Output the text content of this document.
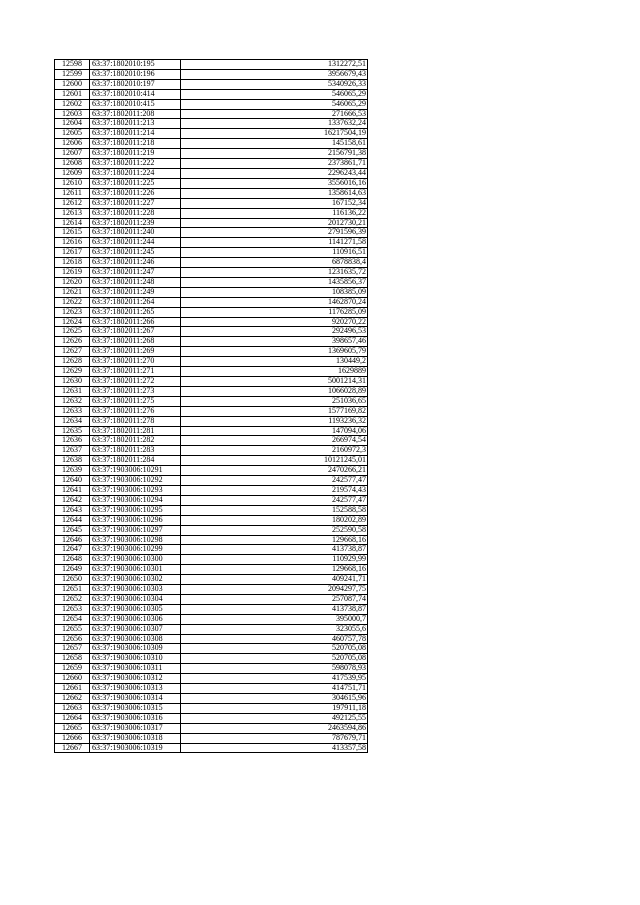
12598	63:37:1802010:195	1312272,51
12599	63:37:1802010:196	3956679,43
12600	63:37:1802010:197	5340926,33
12601	63:37:1802010:414	546065,29
12602	63:37:1802010:415	546065,29
12603	63:37:1802011:208	271666,53
12604	63:37:1802011:213	1337632,24
12605	63:37:1802011:214	16217504,19
12606	63:37:1802011:218	145158,61
12607	63:37:1802011:219	2156791,38
12608	63:37:1802011:222	2373861,71
12609	63:37:1802011:224	2296243,44
12610	63:37:1802011:225	3556016,16
12611	63:37:1802011:226	1358614,63
12612	63:37:1802011:227	167152,34
12613	63:37:1802011:228	116136,22
12614	63:37:1802011:239	2012730,21
12615	63:37:1802011:240	2791596,39
12616	63:37:1802011:244	1141271,58
12617	63:37:1802011:245	110916,51
12618	63:37:1802011:246	6878838,4
12619	63:37:1802011:247	1231635,72
12620	63:37:1802011:248	1435856,37
12621	63:37:1802011:249	108385,09
12622	63:37:1802011:264	1462870,24
12623	63:37:1802011:265	1176285,09
12624	63:37:1802011:266	920270,22
12625	63:37:1802011:267	292496,53
12626	63:37:1802011:268	398657,46
12627	63:37:1802011:269	1369605,79
12628	63:37:1802011:270	130449,2
12629	63:37:1802011:271	1629889
12630	63:37:1802011:272	5001214,31
12631	63:37:1802011:273	1066028,89
12632	63:37:1802011:275	251036,65
12633	63:37:1802011:276	1577169,82
12634	63:37:1802011:278	1193236,32
12635	63:37:1802011:281	147094,06
12636	63:37:1802011:282	266974,54
12637	63:37:1802011:283	2160972,3
12638	63:37:1802011:284	10121245,01
12639	63:37:1903006:10291	2470266,21
12640	63:37:1903006:10292	242577,47
12641	63:37:1903006:10293	219574,43
12642	63:37:1903006:10294	242577,47
12643	63:37:1903006:10295	152588,58
12644	63:37:1903006:10296	180202,89
12645	63:37:1903006:10297	252590,58
12646	63:37:1903006:10298	129668,16
12647	63:37:1903006:10299	413738,87
12648	63:37:1903006:10300	110929,99
12649	63:37:1903006:10301	129668,16
12650	63:37:1903006:10302	409241,71
12651	63:37:1903006:10303	2094297,75
12652	63:37:1903006:10304	257087,74
12653	63:37:1903006:10305	413738,87
12654	63:37:1903006:10306	395000,7
12655	63:37:1903006:10307	323055,6
12656	63:37:1903006:10308	460757,78
12657	63:37:1903006:10309	520705,08
12658	63:37:1903006:10310	520705,08
12659	63:37:1903006:10311	598078,93
12660	63:37:1903006:10312	417539,95
12661	63:37:1903006:10313	414751,71
12662	63:37:1903006:10314	304615,96
12663	63:37:1903006:10315	197911,18
12664	63:37:1903006:10316	492125,55
12665	63:37:1903006:10317	2463594,86
12666	63:37:1903006:10318	787679,71
12667	63:37:1903006:10319	413357,58
